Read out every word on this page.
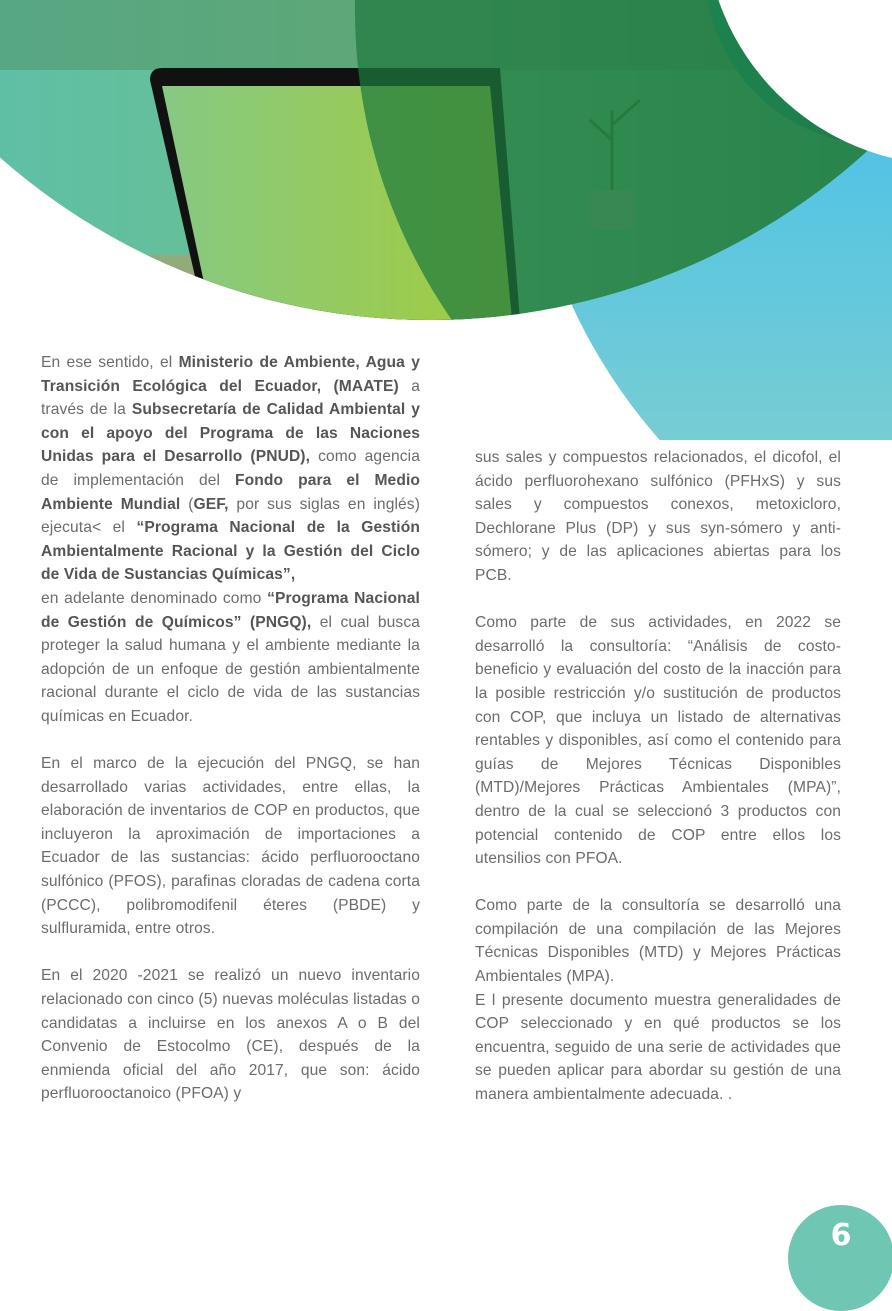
En ese sentido, el Ministerio de Ambiente, Agua y Transición Ecológica del Ecuador, (MAATE) a través de la Subsecretaría de Calidad Ambiental y con el apoyo del Programa de las Naciones Unidas para el Desarrollo (PNUD), como agencia de implementación del Fondo para el Medio Ambiente Mundial (GEF, por sus siglas en inglés) ejecuta< el “Programa Nacional de la Gestión Ambientalmente Racional y la Gestión del Ciclo de Vida de Sustancias Químicas”,

en adelante denominado como “Programa Nacional de Gestión de Químicos” (PNGQ), el cual busca proteger la salud humana y el ambiente mediante la adopción de un enfoque de gestión ambientalmente racional durante el ciclo de vida de las sustancias químicas en Ecuador.

En el marco de la ejecución del PNGQ, se han desarrollado varias actividades, entre ellas, la elaboración de inventarios de COP en productos, que incluyeron la aproximación de importaciones a Ecuador de las sustancias: ácido perfluorooctano sulfónico (PFOS), parafinas cloradas de cadena corta (PCCC), polibromodifenil éteres (PBDE) y sulfluramida, entre otros.

En el 2020 -2021 se realizó un nuevo inventario relacionado con cinco (5) nuevas moléculas listadas o candidatas a incluirse en los anexos A o B del Convenio de Estocolmo (CE), después de la enmienda oficial del año 2017, que son: ácido perfluorooctanoico (PFOA) y

sus sales y compuestos relacionados, el dicofol, el ácido perfluorohexano sulfónico (PFHxS) y sus sales y compuestos conexos, metoxicloro, Dechlorane Plus (DP) y sus syn-sómero y anti-sómero; y de las aplicaciones abiertas para los PCB.

Como parte de sus actividades, en 2022 se desarrolló la consultoría: “Análisis de costo-beneficio y evaluación del costo de la inacción para la posible restricción y/o sustitución de productos con COP, que incluya un listado de alternativas rentables y disponibles, así como el contenido para guías de Mejores Técnicas Disponibles (MTD)/Mejores Prácticas Ambientales (MPA)”, dentro de la cual se seleccionó 3 productos con potencial contenido de COP entre ellos los utensilios con PFOA.

Como parte de la consultoría se desarrolló una compilación de una compilación de las Mejores Técnicas Disponibles (MTD) y Mejores Prácticas Ambientales (MPA).

E l presente documento muestra generalidades de COP seleccionado y en qué productos se los encuentra, seguido de una serie de actividades que se pueden aplicar para abordar su gestión de una manera ambientalmente adecuada. .

6
